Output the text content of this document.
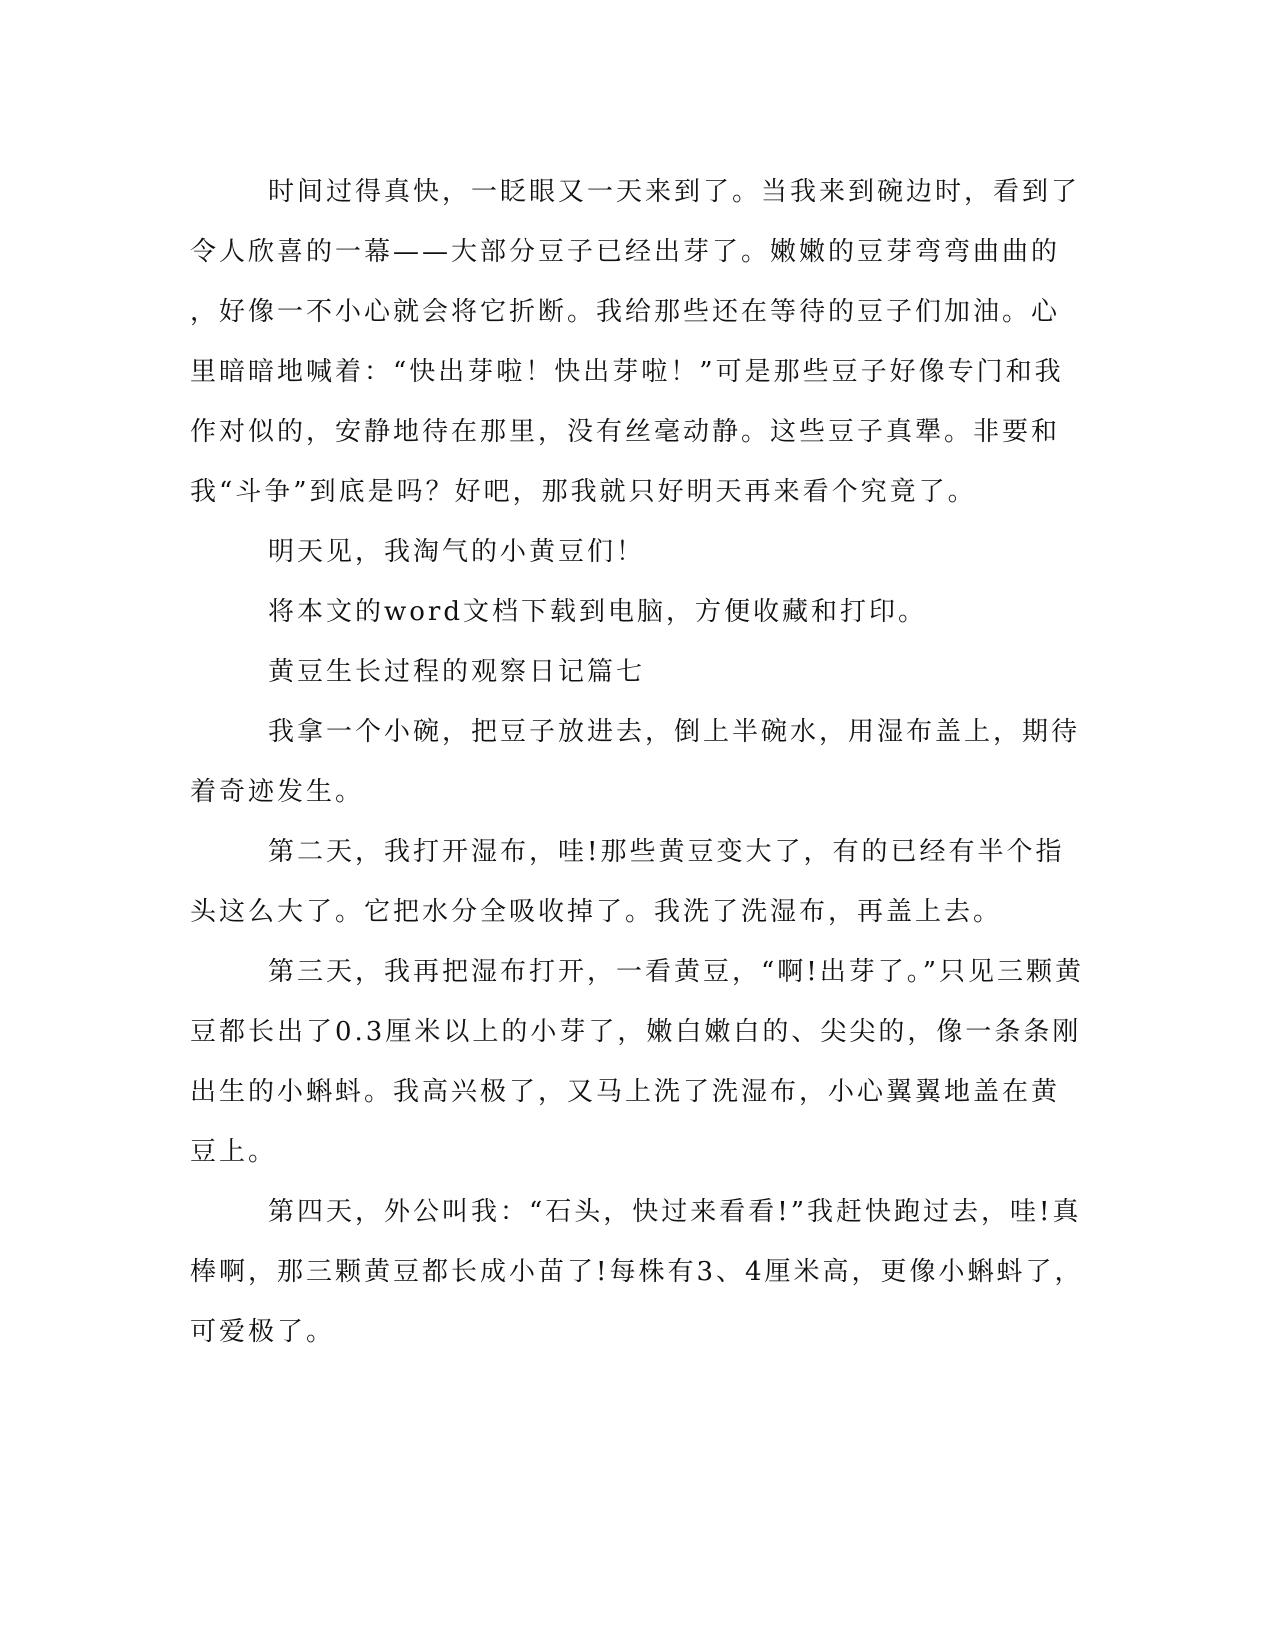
时间过得真快，一眨眼又一天来到了。当我来到碗边时，看到了
令人欣喜的一幕——大部分豆子已经出芽了。嫩嫩的豆芽弯弯曲曲的
，好像一不小心就会将它折断。我给那些还在等待的豆子们加油。心
里暗暗地喊着：“快出芽啦！快出芽啦！”可是那些豆子好像专门和我
作对似的，安静地待在那里，没有丝毫动静。这些豆子真犟。非要和
我“斗争”到底是吗？好吧，那我就只好明天再来看个究竟了。
明天见，我淘气的小黄豆们！
将本文的word文档下载到电脑，方便收藏和打印。
黄豆生长过程的观察日记篇七
我拿一个小碗，把豆子放进去，倒上半碗水，用湿布盖上，期待
着奇迹发生。
第二天，我打开湿布，哇!那些黄豆变大了，有的已经有半个指
头这么大了。它把水分全吸收掉了。我洗了洗湿布，再盖上去。
第三天，我再把湿布打开，一看黄豆，“啊!出芽了。”只见三颗黄
豆都长出了0.3厘米以上的小芽了，嫩白嫩白的、尖尖的，像一条条刚
出生的小蝌蚪。我高兴极了，又马上洗了洗湿布，小心翼翼地盖在黄
豆上。
第四天，外公叫我：“石头，快过来看看!”我赶快跑过去，哇!真
棒啊，那三颗黄豆都长成小苗了!每株有3、4厘米高，更像小蝌蚪了，
可爱极了。
